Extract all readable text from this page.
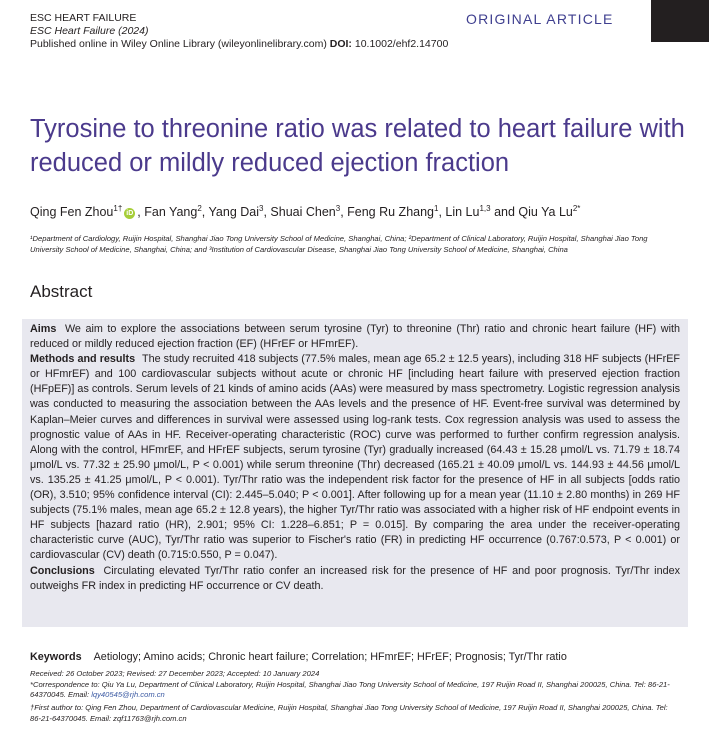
ESC HEART FAILURE
ESC Heart Failure (2024)
Published online in Wiley Online Library (wileyonlinelibrary.com) DOI: 10.1002/ehf2.14700
ORIGINAL ARTICLE
Tyrosine to threonine ratio was related to heart failure with reduced or mildly reduced ejection fraction
Qing Fen Zhou$^{1\dagger}$iD , Fan Yang$^2$, Yang Dai$^3$, Shuai Chen$^3$, Feng Ru Zhang$^1$, Lin Lu$^{1,3}$ and Qiu Ya $Lu^{2*}$
¹Department of Cardiology, Ruijin Hospital, Shanghai Jiao Tong University School of Medicine, Shanghai, China; ²Department of Clinical Laboratory, Ruijin Hospital, Shanghai Jiao Tong University School of Medicine, Shanghai, China; and ³Institution of Cardiovascular Disease, Shanghai Jiao Tong University School of Medicine, Shanghai, China
Abstract

Aims We aim to explore the associations between serum tyrosine (Tyr) to threonine (Thr) ratio and chronic heart failure (HF) with reduced or mildly reduced ejection fraction (EF) (HFrEF or HFmrEF).

Methods and results The study recruited 418 subjects (77.5% males, mean age 65.2 ± 12.5 years), including 318 HF subjects (HFrEF or HFmrEF) and 100 cardiovascular subjects without acute or chronic HF [including heart failure with preserved ejection fraction (HFpEF)] as controls. Serum levels of 21 kinds of amino acids (AAs) were measured by mass spectrometry. Logistic regression analysis was conducted to measuring the association between the AAs levels and the presence of HF. Event-free survival was determined by Kaplan–Meier curves and differences in survival were assessed using log-rank tests. Cox regression analysis was used to assess the prognostic value of AAs in HF. Receiver-operating characteristic (ROC) curve was performed to further confirm regression analysis. Along with the control, HFmrEF, and HFrEF subjects, serum tyrosine (Tyr) gradually increased (64.43 ± 15.28 μmol/L vs. 71.79 ± 18.74 μmol/L vs. 77.32 ± 25.90 μmol/L, P < 0.001) while serum threonine (Thr) decreased (165.21 ± 40.09 μmol/L vs. 144.93 ± 44.56 μmol/L vs. 135.25 ± 41.25 μmol/L, P < 0.001). Tyr/Thr ratio was the independent risk factor for the presence of HF in all subjects [odds ratio (OR), 3.510; 95% confidence interval (CI): 2.445–5.040; P < 0.001]. After following up for a mean year (11.10 ± 2.80 months) in 269 HF subjects (75.1% males, mean age 65.2 ± 12.8 years), the higher Tyr/Thr ratio was associated with a higher risk of HF endpoint events in HF subjects [hazard ratio (HR), 2.901; 95% CI: 1.228–6.851; P = 0.015]. By comparing the area under the receiver-operating characteristic curve (AUC), Tyr/Thr ratio was superior to Fischer's ratio (FR) in predicting HF occurrence (0.767:0.573, P < 0.001) or cardiovascular (CV) death (0.715:0.550, P = 0.047).

Conclusions Circulating elevated Tyr/Thr ratio confer an increased risk for the presence of HF and poor prognosis. Tyr/Thr index outweighs FR index in predicting HF occurrence or CV death.

Keywords Aetiology; Amino acids; Chronic heart failure; Correlation; HFmrEF; HFrEF; Prognosis; Tyr/Thr ratio

Received: 26 October 2023; Revised: 27 December 2023; Accepted: 10 January 2024

*Correspondence to: Qiu Ya Lu, Department of Clinical Laboratory, Ruijin Hospital, Shanghai Jiao Tong University School of Medicine, 197 Ruijin Road II, Shanghai 200025, China. Tel: 86-21-64370045. Email: lqy40545@rjh.com.cn

†First author to: Qing Fen Zhou, Department of Cardiovascular Medicine, Ruijin Hospital, Shanghai Jiao Tong University School of Medicine, 197 Ruijin Road II, Shanghai 200025, China. Tel: 86-21-64370045. Email: zqf11763@rjh.com.cn
